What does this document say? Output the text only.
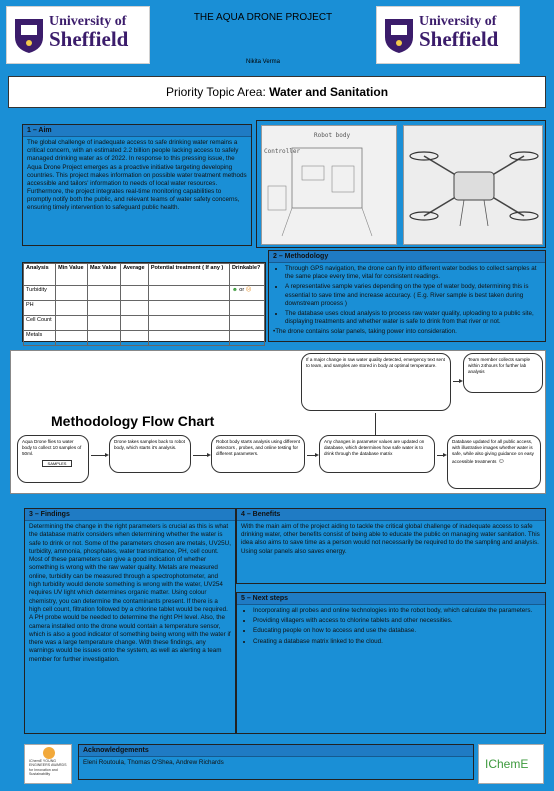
University of
Sheffield
THE AQUA DRONE PROJECT
Nikita Verma
University of
Sheffield
Priority Topic Area: Water and Sanitation
1 – Aim
The global challenge of inadequate access to safe drinking water remains a critical concern, with an estimated 2.2 billion people lacking access to safely managed drinking water as of 2022. In response to this pressing issue, the Aqua Drone Project emerges as a proactive initiative targeting developing countries. This project makes information on possible water treatment methods accessible and tailors' information to needs of local water resources. Furthermore, the project integrates real-time monitoring capabilities to promptly notify both the public, and relevant teams of water safety concerns, ensuring timely intervention to safeguard public health.
Robot body
Controller
Analysis	Min Value	Max Value	Average	Potential treatment ( If any )	Drinkable?
Turbidity					☻ or ☹
PH					
Cell Count					
Metals					
2 – Methodology
• Through GPS navigation, the drone can fly into different water bodies to collect samples at the same place every time, vital for consistent readings.
• A representative sample varies depending on the type of water body, determining this is essential to save time and increase accuracy. ( E.g. River sample is best taken during downstream process )
• The database uses cloud analysis to process raw water quality, uploading to a public site, displaying treatments and whether water is safe to drink from that river or not.
•The drone contains solar panels, taking power into consideration.
Methodology Flow Chart
Aqua Drone flies to water body to collect 10 samples of 50ml.
SAMPLES
Drone takes samples back to robot body, which starts it's analysis.
Robot body starts analysis using different detectors , probes, and online testing for different parameters.
Any changes in parameter values are updated on database, which determines how safe water is to drink through the database matrix
Database updated for all public access, with illustrative images whether water is safe, while also giving guidance on easy accessible treatments ☺
If a major change in raw water quality detected, emergency text sent to team, and samples are stored in body at optimal temperature.
Team member collects sample within 24hours for further lab analysis
3 – Findings
Determining the change in the right parameters is crucial as this is what the database matrix considers when determining whether the water is safe to drink or not. Some of the parameters chosen are metals, UV25U, turbidity, ammonia, phosphates, water transmittance, PH, cell count. Most of these parameters can give a good indication of whether something is wrong with the raw water quality. Metals are measured online, turbidity can be measured through a spectrophotometer, and high turbidity would denote something is wrong with the water, UV254 requires UV light which determines organic matter. Using colour chemistry, you can determine the contaminants present. If there is a high cell count, filtration followed by a chlorine tablet would be required. A PH probe would be needed to determine the right PH level. Also, the camera installed onto the drone would contain a temperature sensor, which is also a good indicator of something being wrong with the water if there was a large temperature change. With these findings, any warnings would be issues onto the system, as well as alerting a team member for further investigation.
4 – Benefits
With the main aim of the project aiding to tackle the critical global challenge of inadequate access to safe drinking water, other benefits consist of being able to educate the public on managing water sanitation. This idea also aims to save time as a person would not necessarily be required to do the sampling and analysis. Using solar panels also saves energy.
5 – Next steps
• Incorporating all probes and online technologies into the robot body, which calculate the parameters.
• Providing villagers with access to chlorine tablets and other necessities.
• Educating people on how to access and use the database.
• Creating a database matrix linked to the cloud.
IChemE YOUNG ENGINEERS AWARDS for Innovation and Sustainability
Acknowledgements
Eleni Routoula, Thomas O'Shea, Andrew Richards	IChemE
